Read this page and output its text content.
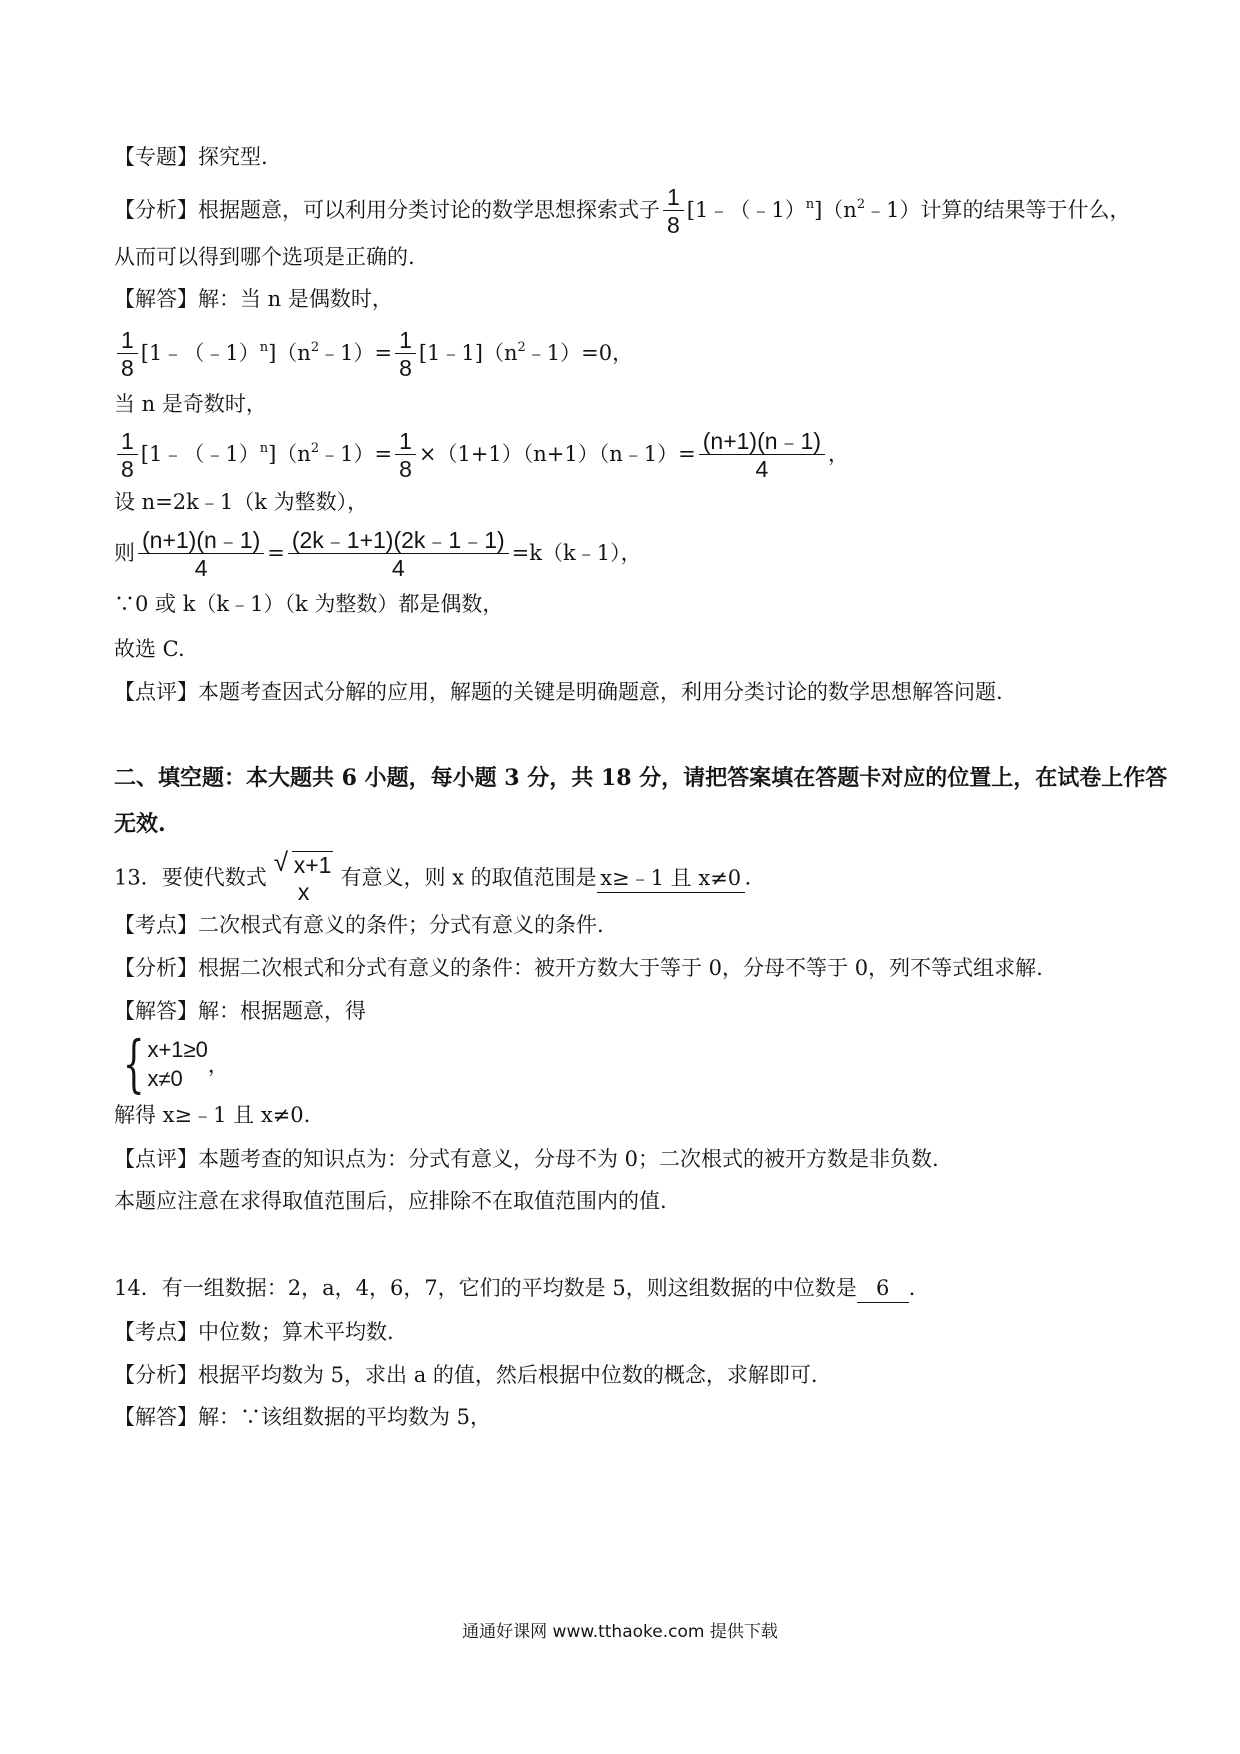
【专题】探究型.
【分析】根据题意，可以利用分类讨论的数学思想探索式子 $\frac{1}{8}$ $[1﹣(﹣1)^n](n^2﹣1)$计算的结果等于什么，
从而可以得到哪个选项是正确的.
【解答】解：当 n 是偶数时，
$\frac{1}{8}$ $[1﹣(﹣1)^n](n^2﹣1)= \frac{1}{8}$ $[1﹣1](n^2﹣1)=0$，
当 n 是奇数时，
$\frac{1}{8}$ $[1﹣(﹣1)^n](n^2﹣1)= \frac{1}{8}$ ×（1+1）（n+1）（n﹣1）= $\frac{(n+1)(n﹣1)}{4}$ ，
设 n=2k﹣1（k 为整数），
则 $\frac{(n+1)(n﹣1)}{4} = \frac{(2k﹣1+1)(2k﹣1﹣1)}{4}$ =k（k﹣1），
∵0 或 k（k﹣1）（k 为整数）都是偶数，
故选 C.
【点评】本题考查因式分解的应用，解题的关键是明确题意，利用分类讨论的数学思想解答问题.
二、填空题：本大题共 6 小题，每小题 3 分，共 18 分，请把答案填在答题卡对应的位置上，在试卷上作答
无效.
13．要使代数式
√ x+1
x
有意义，则 x 的取值范围是 x≥﹣1 且 x≠0 ．
【考点】二次根式有意义的条件；分式有意义的条件.
【分析】根据二次根式和分式有意义的条件：被开方数大于等于 0，分母不等于 0，列不等式组求解.
【解答】解：根据题意，得
{ x+1≥0
x≠0
，
解得 x≥﹣1 且 x≠0.
【点评】本题考查的知识点为：分式有意义，分母不为 0；二次根式的被开方数是非负数.
本题应注意在求得取值范围后，应排除不在取值范围内的值.
14．有一组数据：2，a，4，6，7，它们的平均数是 5，则这组数据的中位数是 6 ．
【考点】中位数；算术平均数.
【分析】根据平均数为 5，求出 a 的值，然后根据中位数的概念，求解即可.
【解答】解：∵该组数据的平均数为 5，
通通好课网 www.tthaoke.com 提供下载
